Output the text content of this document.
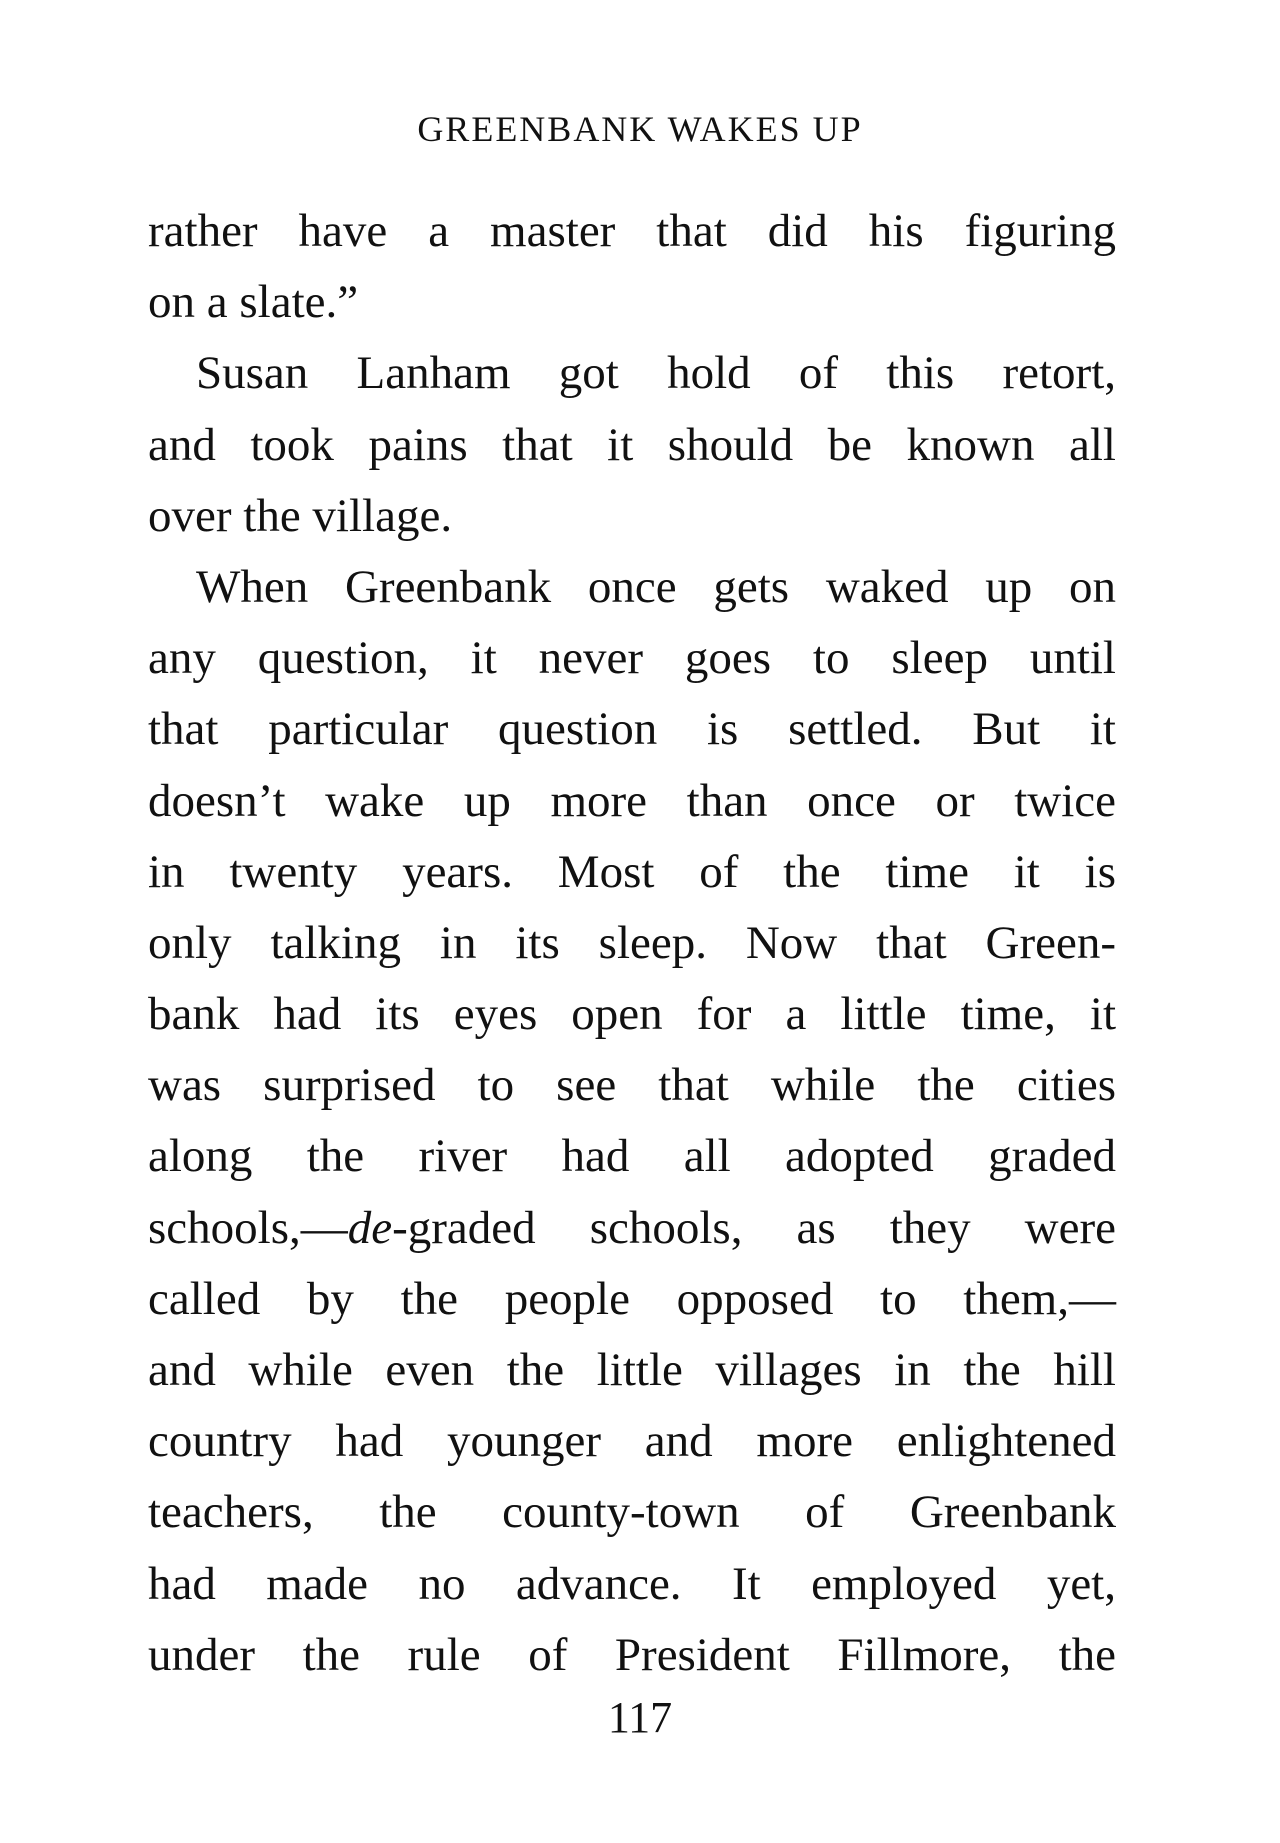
GREENBANK WAKES UP
rather have a master that did his figuring
on a slate.”
Susan Lanham got hold of this retort,
and took pains that it should be known all
over the village.
When Greenbank once gets waked up on
any question, it never goes to sleep until
that particular question is settled. But it
doesn’t wake up more than once or twice
in twenty years. Most of the time it is
only talking in its sleep. Now that Green-
bank had its eyes open for a little time, it
was surprised to see that while the cities
along the river had all adopted graded
schools,—de-graded schools, as they were
called by the people opposed to them,—
and while even the little villages in the hill
country had younger and more enlightened
teachers, the county-town of Greenbank
had made no advance. It employed yet,
under the rule of President Fillmore, the
117
